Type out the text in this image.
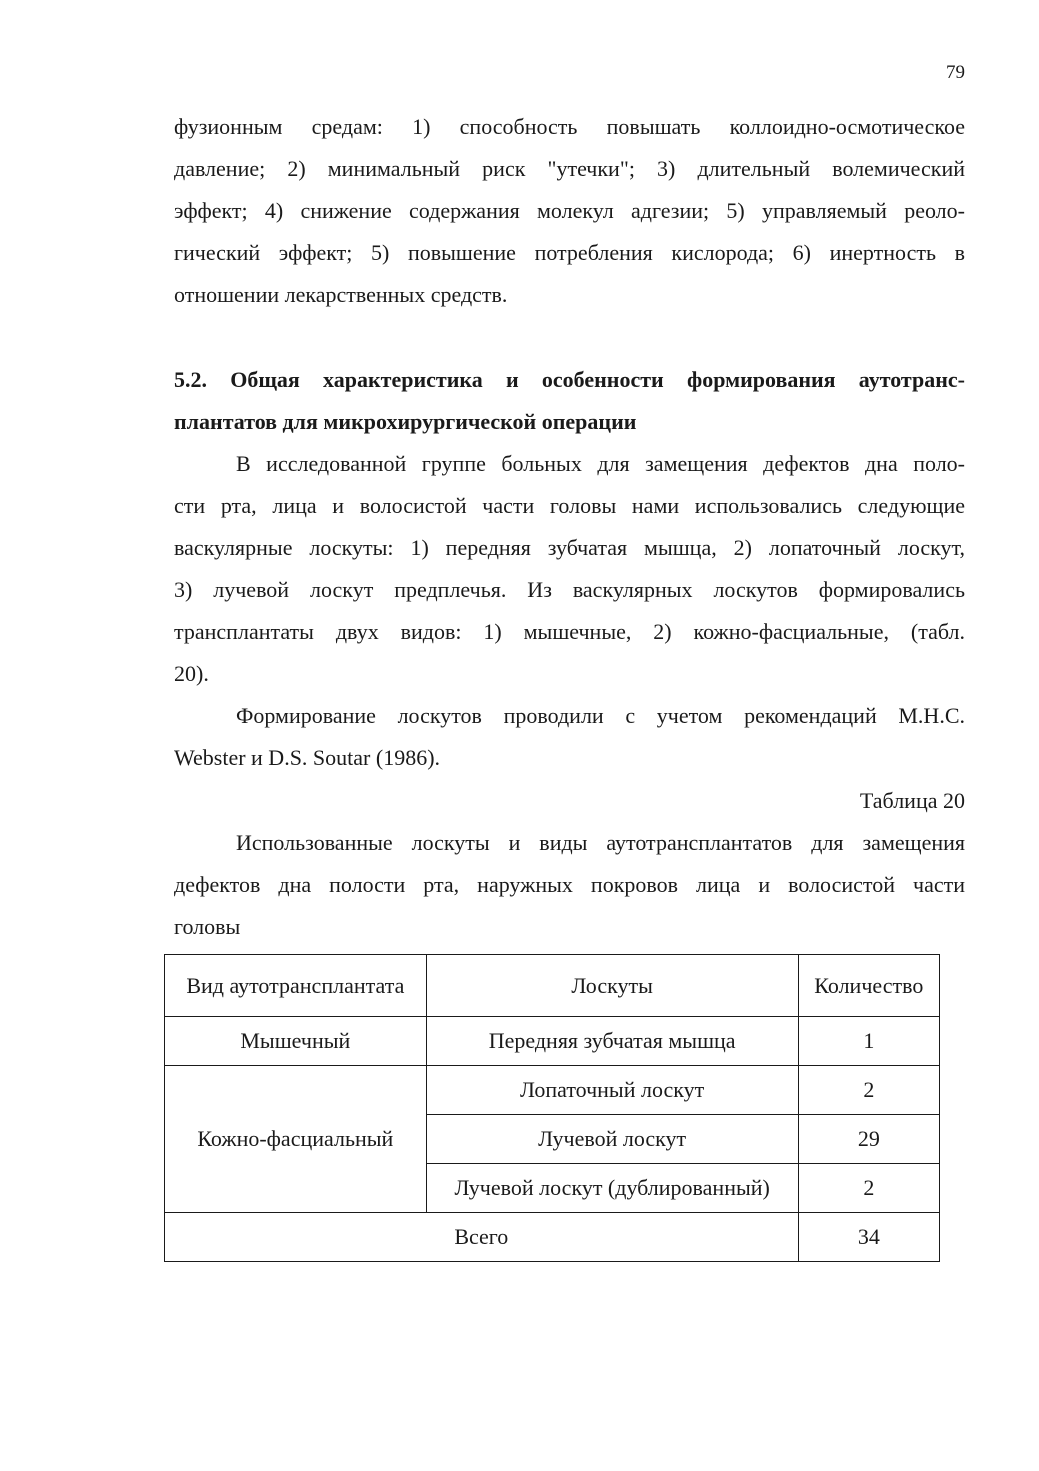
79
фузионным средам: 1) способность повышать коллоидно-осмотическое
давление; 2) минимальный риск "утечки"; 3) длительный волемический
эффект; 4) снижение содержания молекул адгезии; 5) управляемый реоло-
гический эффект; 5) повышение потребления кислорода; 6) инертность в
отношении лекарственных средств.
5.2. Общая характеристика и особенности формирования аутотранс-
плантатов для микрохирургической операции
В исследованной группе больных для замещения дефектов дна поло-
сти рта, лица и волосистой части головы нами использовались следующие
васкулярные лоскуты: 1) передняя зубчатая мышца, 2) лопаточный лоскут,
3) лучевой лоскут предплечья. Из васкулярных лоскутов формировались
трансплантаты двух видов: 1) мышечные, 2) кожно-фасциальные, (табл.
20).
Формирование лоскутов проводили с учетом рекомендаций M.H.C.
Webster и D.S. Soutar (1986).
Таблица 20
Использованные лоскуты и виды аутотрансплантатов для замещения
дефектов дна полости рта, наружных покровов лица и волосистой части
головы
Вид аутотрансплантата	Лоскуты	Количество
Мышечный	Передняя зубчатая мышца	1
Кожно-фасциальный	Лопаточный лоскут	2
	Лучевой лоскут	29
	Лучевой лоскут (дублированный)	2
Всего		34
